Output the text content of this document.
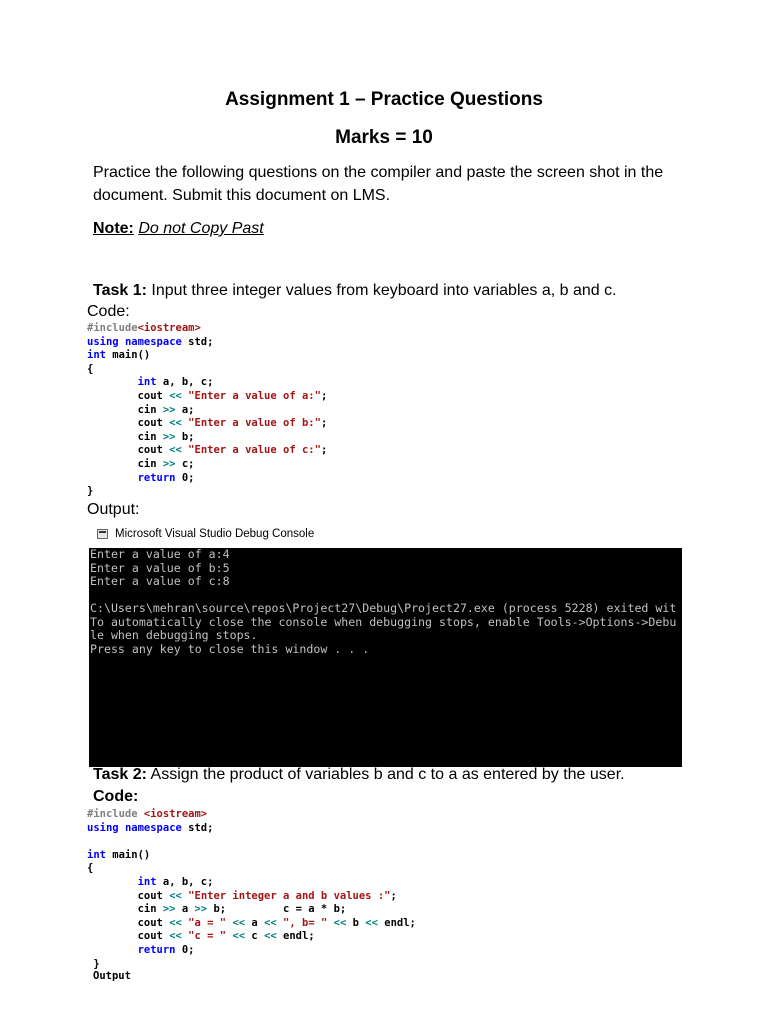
Assignment 1 – Practice Questions
Marks = 10
Practice the following questions on the compiler and paste the screen shot in the document. Submit this document on LMS.
Note: Do not Copy Past
Task 1: Input three integer values from keyboard into variables a, b and c.
Code:
#include<iostream>
using namespace std;
int main()
{
int a, b, c;
cout << "Enter a value of a:";
cin >> a;
cout << "Enter a value of b:";
cin >> b;
cout << "Enter a value of c:";
cin >> c;
return 0;
}
Output:
Microsoft Visual Studio Debug Console
Enter a value of a:4
Enter a value of b:5
Enter a value of c:8

C:\Users\mehran\source\repos\Project27\Debug\Project27.exe (process 5228) exited wit
To automatically close the console when debugging stops, enable Tools->Options->Debu
le when debugging stops.
Press any key to close this window . . .

Task 2: Assign the product of variables b and c to a as entered by the user.
Code:
#include <iostream>
using namespace std;

int main()
{
int a, b, c;
cout << "Enter integer a and b values :";
cin >> a >> b;         c = a * b;
cout << "a = " << a << ", b= " << b << endl;
cout << "c = " << c << endl;
return 0;
}
Output
